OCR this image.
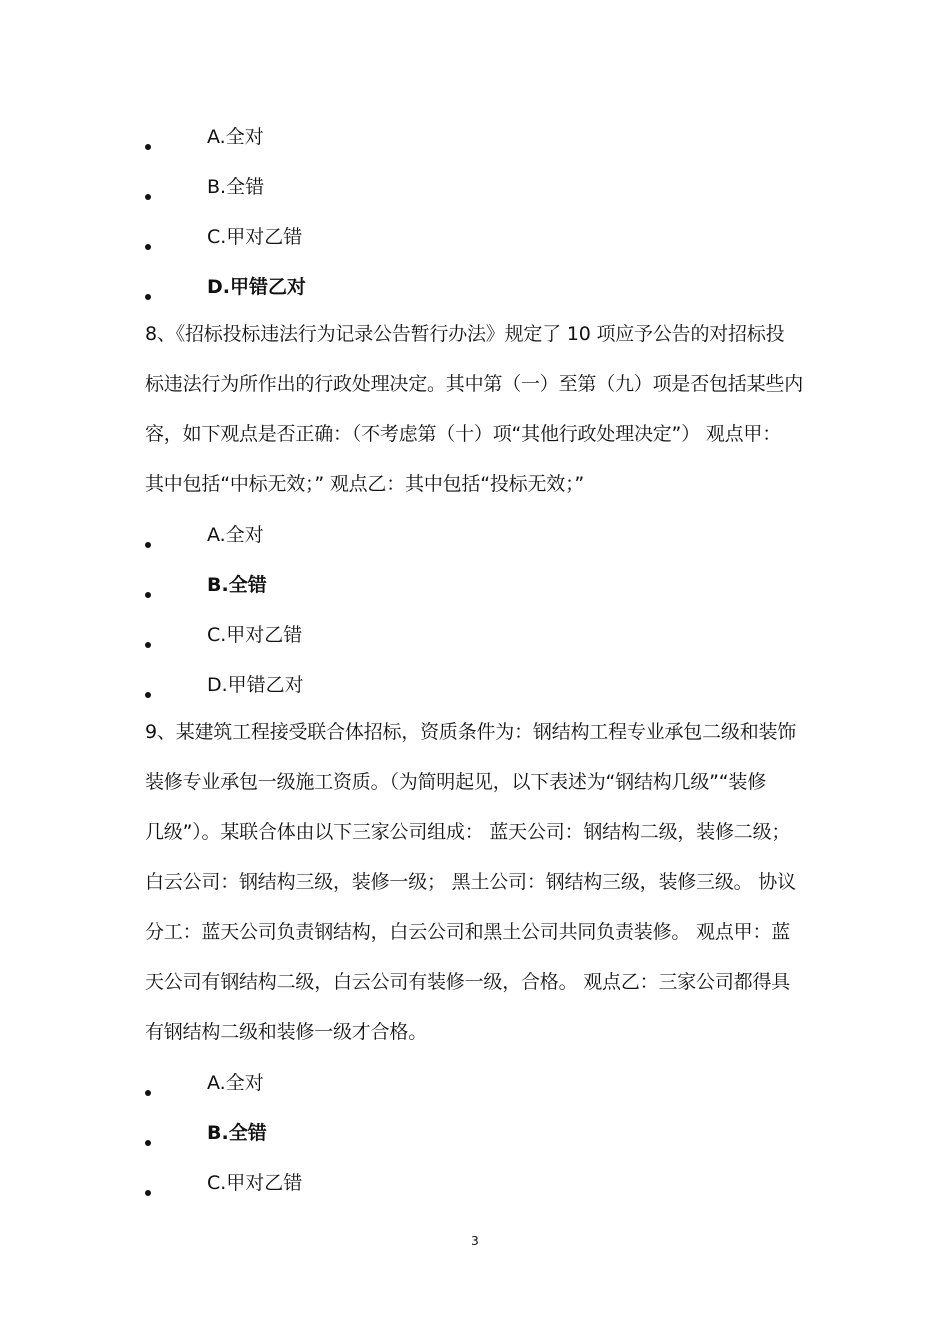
A.全对
B.全错
C.甲对乙错
D.甲错乙对
8、《招标投标违法行为记录公告暂行办法》规定了 10 项应予公告的对招标投
标违法行为所作出的行政处理决定。其中第（一）至第（九）项是否包括某些内
容，如下观点是否正确：（不考虑第（十）项“其他行政处理决定”） 观点甲：
其中包括“中标无效；” 观点乙：其中包括“投标无效；”
A.全对
B.全错
C.甲对乙错
D.甲错乙对
9、某建筑工程接受联合体招标，资质条件为：钢结构工程专业承包二级和装饰
装修专业承包一级施工资质。（为简明起见，以下表述为“钢结构几级”“装修
几级”）。某联合体由以下三家公司组成： 蓝天公司：钢结构二级，装修二级；
白云公司：钢结构三级，装修一级； 黑土公司：钢结构三级，装修三级。 协议
分工：蓝天公司负责钢结构，白云公司和黑土公司共同负责装修。 观点甲：蓝
天公司有钢结构二级，白云公司有装修一级，合格。 观点乙：三家公司都得具
有钢结构二级和装修一级才合格。
A.全对
B.全错
C.甲对乙错
3
